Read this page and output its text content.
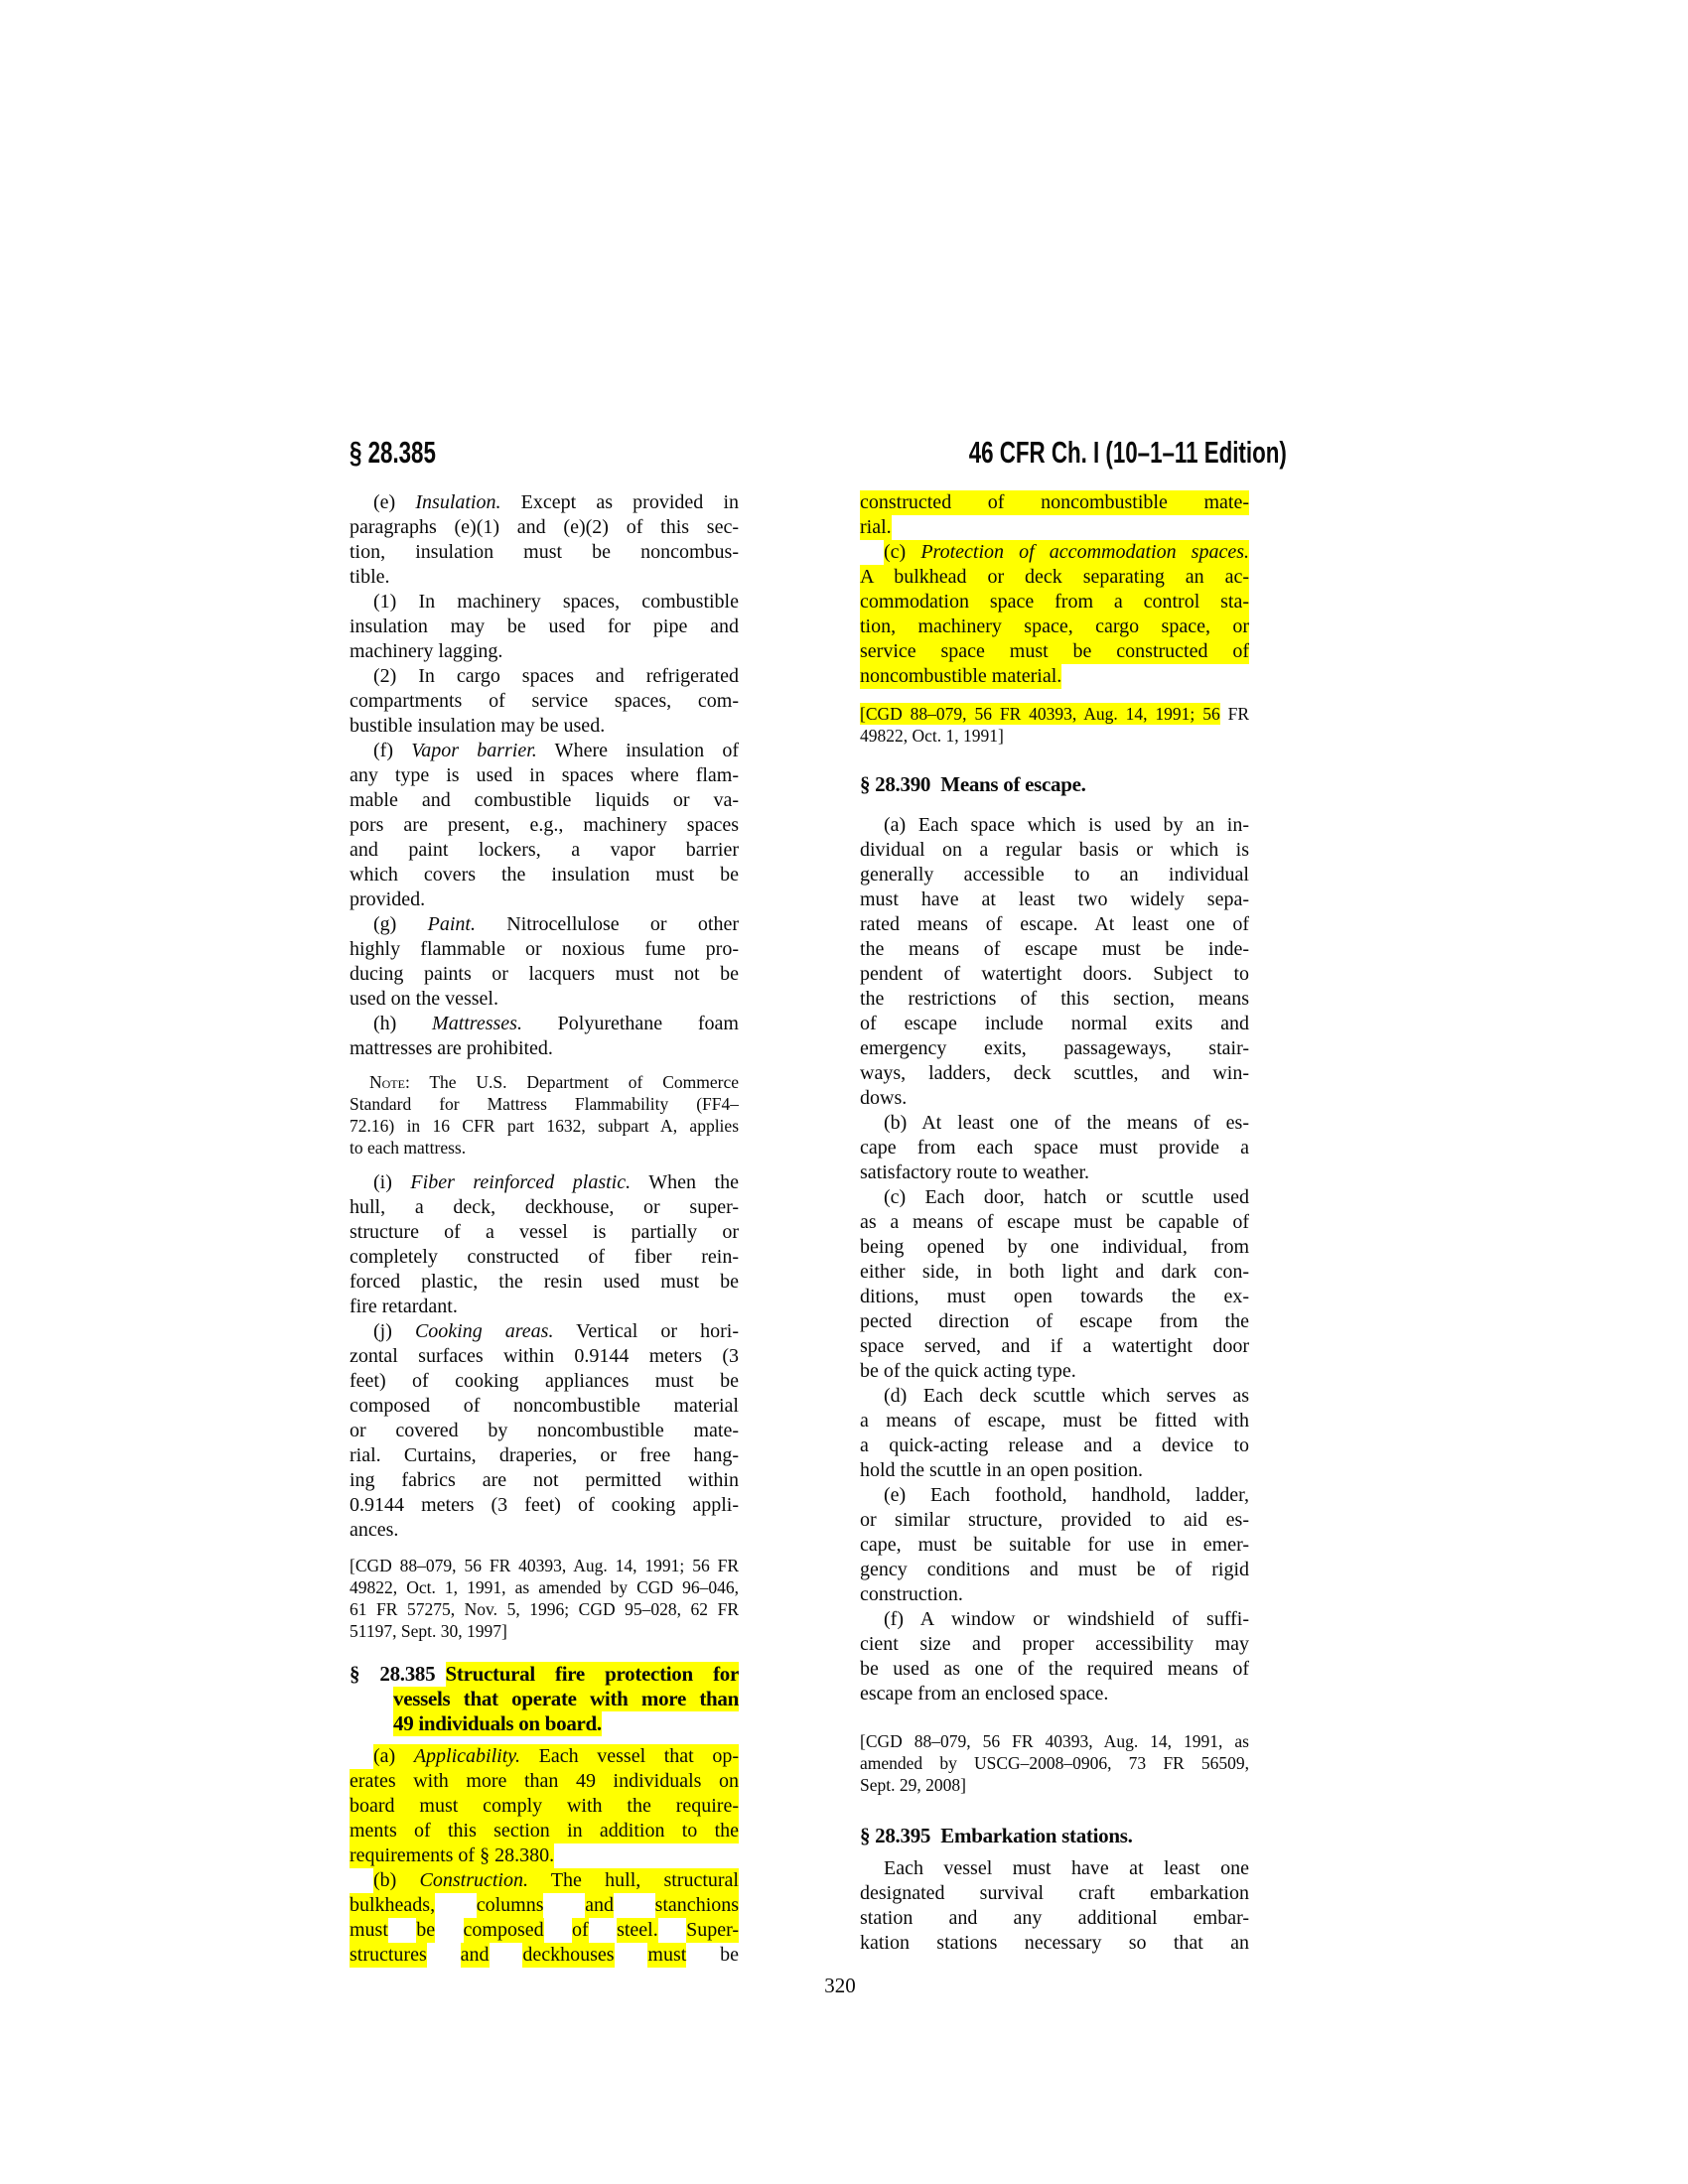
§ 28.385	46 CFR Ch. I (10–1–11 Edition)
(e) Insulation. Except as provided in
paragraphs (e)(1) and (e)(2) of this sec-
tion, insulation must be noncombus-
tible.
(1) In machinery spaces, combustible
insulation may be used for pipe and
machinery lagging.
(2) In cargo spaces and refrigerated
compartments of service spaces, com-
bustible insulation may be used.
(f) Vapor barrier. Where insulation of
any type is used in spaces where flam-
mable and combustible liquids or va-
pors are present, e.g., machinery spaces
and paint lockers, a vapor barrier
which covers the insulation must be
provided.
(g) Paint. Nitrocellulose or other
highly flammable or noxious fume pro-
ducing paints or lacquers must not be
used on the vessel.
(h) Mattresses. Polyurethane foam
mattresses are prohibited.
Note: The U.S. Department of Commerce
Standard for Mattress Flammability (FF4–
72.16) in 16 CFR part 1632, subpart A, applies
to each mattress.
(i) Fiber reinforced plastic. When the
hull, a deck, deckhouse, or super-
structure of a vessel is partially or
completely constructed of fiber rein-
forced plastic, the resin used must be
fire retardant.
(j) Cooking areas. Vertical or hori-
zontal surfaces within 0.9144 meters (3
feet) of cooking appliances must be
composed of noncombustible material
or covered by noncombustible mate-
rial. Curtains, draperies, or free hang-
ing fabrics are not permitted within
0.9144 meters (3 feet) of cooking appli-
ances.
[CGD 88–079, 56 FR 40393, Aug. 14, 1991; 56 FR
49822, Oct. 1, 1991, as amended by CGD 96–046,
61 FR 57275, Nov. 5, 1996; CGD 95–028, 62 FR
51197, Sept. 30, 1997]
§ 28.385 Structural fire protection for
vessels that operate with more than
49 individuals on board.
(a) Applicability. Each vessel that op-
erates with more than 49 individuals on
board must comply with the require-
ments of this section in addition to the
requirements of § 28.380.
(b) Construction. The hull, structural
bulkheads, columns and stanchions
must be composed of steel. Super-
structures and deckhouses must be
constructed of noncombustible mate-
rial.
(c) Protection of accommodation spaces.
A bulkhead or deck separating an ac-
commodation space from a control sta-
tion, machinery space, cargo space, or
service space must be constructed of
noncombustible material.
[CGD 88–079, 56 FR 40393, Aug. 14, 1991; 56 FR
49822, Oct. 1, 1991]
§ 28.390 Means of escape.
(a) Each space which is used by an in-
dividual on a regular basis or which is
generally accessible to an individual
must have at least two widely sepa-
rated means of escape. At least one of
the means of escape must be inde-
pendent of watertight doors. Subject to
the restrictions of this section, means
of escape include normal exits and
emergency exits, passageways, stair-
ways, ladders, deck scuttles, and win-
dows.
(b) At least one of the means of es-
cape from each space must provide a
satisfactory route to weather.
(c) Each door, hatch or scuttle used
as a means of escape must be capable of
being opened by one individual, from
either side, in both light and dark con-
ditions, must open towards the ex-
pected direction of escape from the
space served, and if a watertight door
be of the quick acting type.
(d) Each deck scuttle which serves as
a means of escape, must be fitted with
a quick-acting release and a device to
hold the scuttle in an open position.
(e) Each foothold, handhold, ladder,
or similar structure, provided to aid es-
cape, must be suitable for use in emer-
gency conditions and must be of rigid
construction.
(f) A window or windshield of suffi-
cient size and proper accessibility may
be used as one of the required means of
escape from an enclosed space.
[CGD 88–079, 56 FR 40393, Aug. 14, 1991, as
amended by USCG–2008–0906, 73 FR 56509,
Sept. 29, 2008]
§ 28.395 Embarkation stations.
Each vessel must have at least one
designated survival craft embarkation
station and any additional embar-
kation stations necessary so that an
320
